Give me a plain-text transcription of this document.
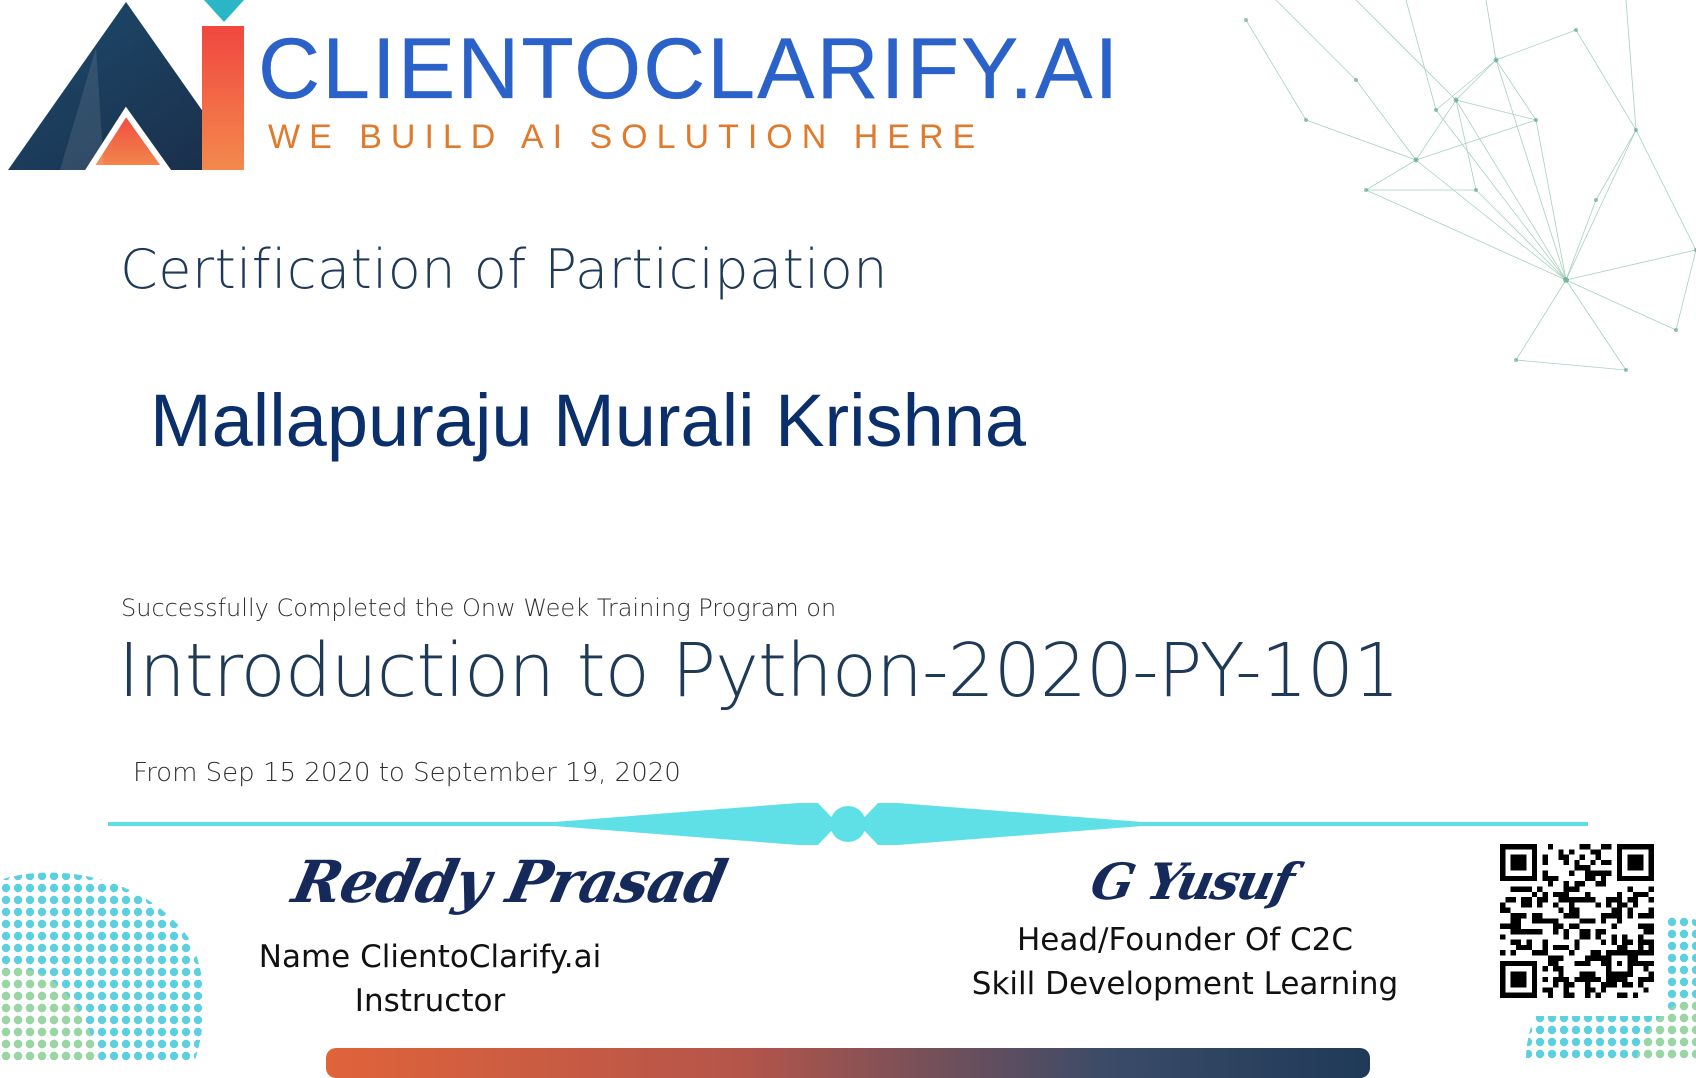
CLIENTOCLARIFY.AI
WE BUILD AI SOLUTION HERE
Certification of Participation
Mallapuraju Murali Krishna
Successfully Completed the Onw Week Training Program on
Introduction to Python-2020-PY-101
From Sep 15 2020 to September 19, 2020
Reddy Prasad	G Yusuf
Name ClientoClarify.ai
Instructor
Head/Founder Of C2C
Skill Development Learning
